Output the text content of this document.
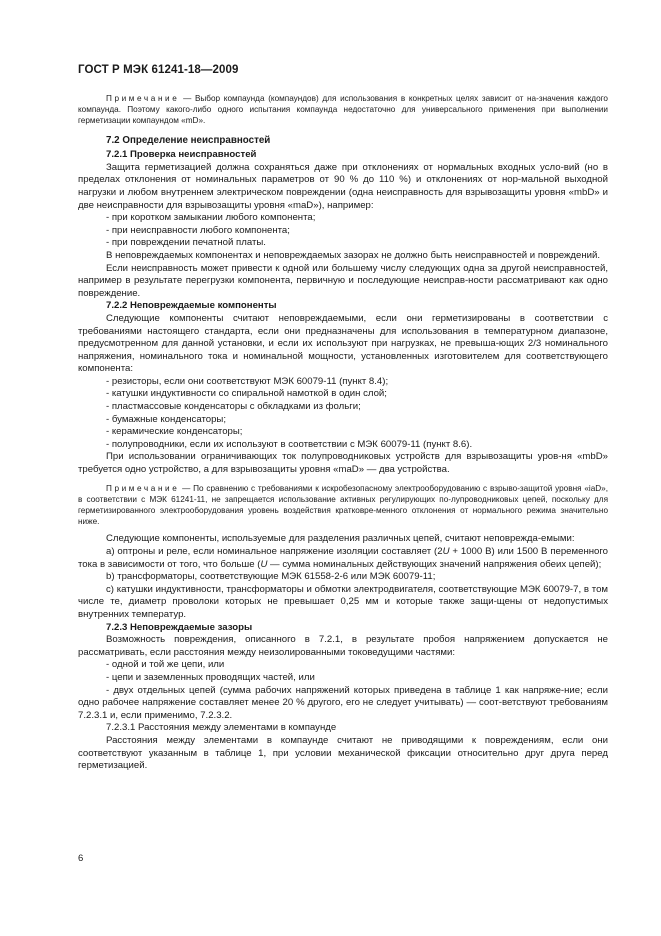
ГОСТ Р МЭК 61241-18—2009

Примечание — Выбор компаунда (компаундов) для использования в конкретных целях зависит от на-значения каждого компаунда. Поэтому какого-либо одного испытания компаунда недостаточно для универсального применения при выполнении герметизации компаундом «mD».

7.2 Определение неисправностей

7.2.1 Проверка неисправностей

Защита герметизацией должна сохраняться даже при отклонениях от нормальных входных усло-вий (но в пределах отклонения от номинальных параметров от 90 % до 110 %) и отклонениях от нор-мальной выходной нагрузки и любом внутреннем электрическом повреждении (одна неисправность для взрывозащиты уровня «mbD» и две неисправности для взрывозащиты уровня «maD»), например:

- при коротком замыкании любого компонента;

- при неисправности любого компонента;

- при повреждении печатной платы.

В неповреждаемых компонентах и неповреждаемых зазорах не должно быть неисправностей и повреждений.

Если неисправность может привести к одной или большему числу следующих одна за другой неисправностей, например в результате перегрузки компонента, первичную и последующие неисправ-ности рассматривают как одно повреждение.

7.2.2 Неповреждаемые компоненты

Следующие компоненты считают неповреждаемыми, если они герметизированы в соответствии с требованиями настоящего стандарта, если они предназначены для использования в температурном диапазоне, предусмотренном для данной установки, и если их используют при нагрузках, не превыша-ющих 2/3 номинального напряжения, номинального тока и номинальной мощности, установленных изготовителем для соответствующего компонента:

- резисторы, если они соответствуют МЭК 60079-11 (пункт 8.4);

- катушки индуктивности со спиральной намоткой в один слой;

- пластмассовые конденсаторы с обкладками из фольги;

- бумажные конденсаторы;

- керамические конденсаторы;

- полупроводники, если их используют в соответствии с МЭК 60079-11 (пункт 8.6).

При использовании ограничивающих ток полупроводниковых устройств для взрывозащиты уров-ня «mbD» требуется одно устройство, а для взрывозащиты уровня «maD» — два устройства.

Примечание — По сравнению с требованиями к искробезопасному электрооборудованию с взрыво-защитой уровня «iaD», в соответствии с МЭК 61241-11, не запрещается использование активных регулирующих по-лупроводниковых цепей, поскольку для герметизированного электрооборудования уровень воздействия кратковре-менного отклонения от нормального режима значительно ниже.

Следующие компоненты, используемые для разделения различных цепей, считают неповрежда-емыми:

a) оптроны и реле, если номинальное напряжение изоляции составляет (2U + 1000 В) или 1500 В переменного тока в зависимости от того, что больше (U — сумма номинальных действующих значений напряжения обеих цепей);

b) трансформаторы, соответствующие МЭК 61558-2-6 или МЭК 60079-11;

c) катушки индуктивности, трансформаторы и обмотки электродвигателя, соответствующие МЭК 60079-7, в том числе те, диаметр проволоки которых не превышает 0,25 мм и которые также защи-щены от недопустимых внутренних температур.

7.2.3 Неповреждаемые зазоры

Возможность повреждения, описанного в 7.2.1, в результате пробоя напряжением допускается не рассматривать, если расстояния между неизолированными токоведущими частями:

- одной и той же цепи, или

- цепи и заземленных проводящих частей, или

- двух отдельных цепей (сумма рабочих напряжений которых приведена в таблице 1 как напряже-ние; если одно рабочее напряжение составляет менее 20 % другого, его не следует учитывать) — соот-ветствуют требованиям 7.2.3.1 и, если применимо, 7.2.3.2.

7.2.3.1 Расстояния между элементами в компаунде

Расстояния между элементами в компаунде считают не приводящими к повреждениям, если они соответствуют указанным в таблице 1, при условии механической фиксации относительно друг друга перед герметизацией.

6
